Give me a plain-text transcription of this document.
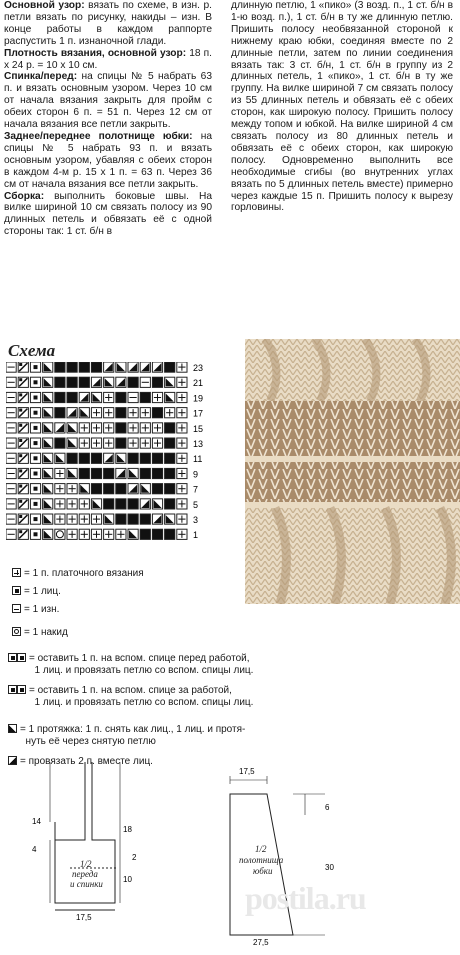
Основной узор: вязать по схеме, в изн. р. петли вязать по рисунку, накиды – изн. В конце работы в каждом раппорте распустить 1 п. изнаночной глади.

Плотность вязания, основной узор: 18 п. х 24 р. = 10 х 10 см.

Спинка/перед: на спицы № 5 набрать 63 п. и вязать основным узором. Через 10 см от начала вязания закрыть для пройм с обеих сторон 6 п. = 51 п. Через 12 см от начала вязания все петли закрыть.

Заднее/переднее полотнище юбки: на спицы № 5 набрать 93 п. и вязать основным узором, убавляя с обеих сторон в каждом 4-м р. 15 х 1 п. = 63 п. Через 36 см от начала вязания все петли закрыть.

Сборка: выполнить боковые швы. На вилке шириной 10 см связать полосу из 90 длинных петель и обвязать её с одной стороны так: 1 ст. б/н в

длинную петлю, 1 «пико» (3 возд. п., 1 ст. б/н в 1-ю возд. п.), 1 ст. б/н в ту же длинную петлю. Пришить полосу необвязанной стороной к нижнему краю юбки, соединяя вместе по 2 длинные петли, затем по линии соединения вязать так: 3 ст. б/н, 1 ст. б/н в группу из 2 длинных петель, 1 «пико», 1 ст. б/н в ту же группу. На вилке шириной 7 см связать полосу из 55 длинных петель и обвязать её с обеих сторон, как широкую полосу. Пришить полосу между топом и юбкой. На вилке шириной 4 см связать полосу из 80 длинных петель и обвязать её с обеих сторон, как широкую полосу. Одновременно выполнить все необходимые сгибы (во внутренних углах вязать по 5 длинных петель вместе) примерно через каждые 15 п. Пришить полосу к вырезу горловины.

Схема
23
21
19
17
15
13
11
9
7
5
3
1
= 1 п. платочного вязания
= 1 лиц.
= 1 изн.
= 1 накид
= оставить 1 п. на вспом. спице перед работой,
1 лиц. и провязать петлю со вспом. спицы лиц.
= оставить 1 п. на вспом. спице за работой,
1 лиц. и провязать петлю со вспом. спицы лиц.
= 1 протяжка: 1 п. снять как лиц., 1 лиц. и протя-
нуть её через снятую петлю
= провязать 2 п. вместе лиц.
14
18
4
2
10
17,5
1/2
переда
и спинки
17,5
6
30
27,5
1/2
полотнища
юбки
postila.ru
